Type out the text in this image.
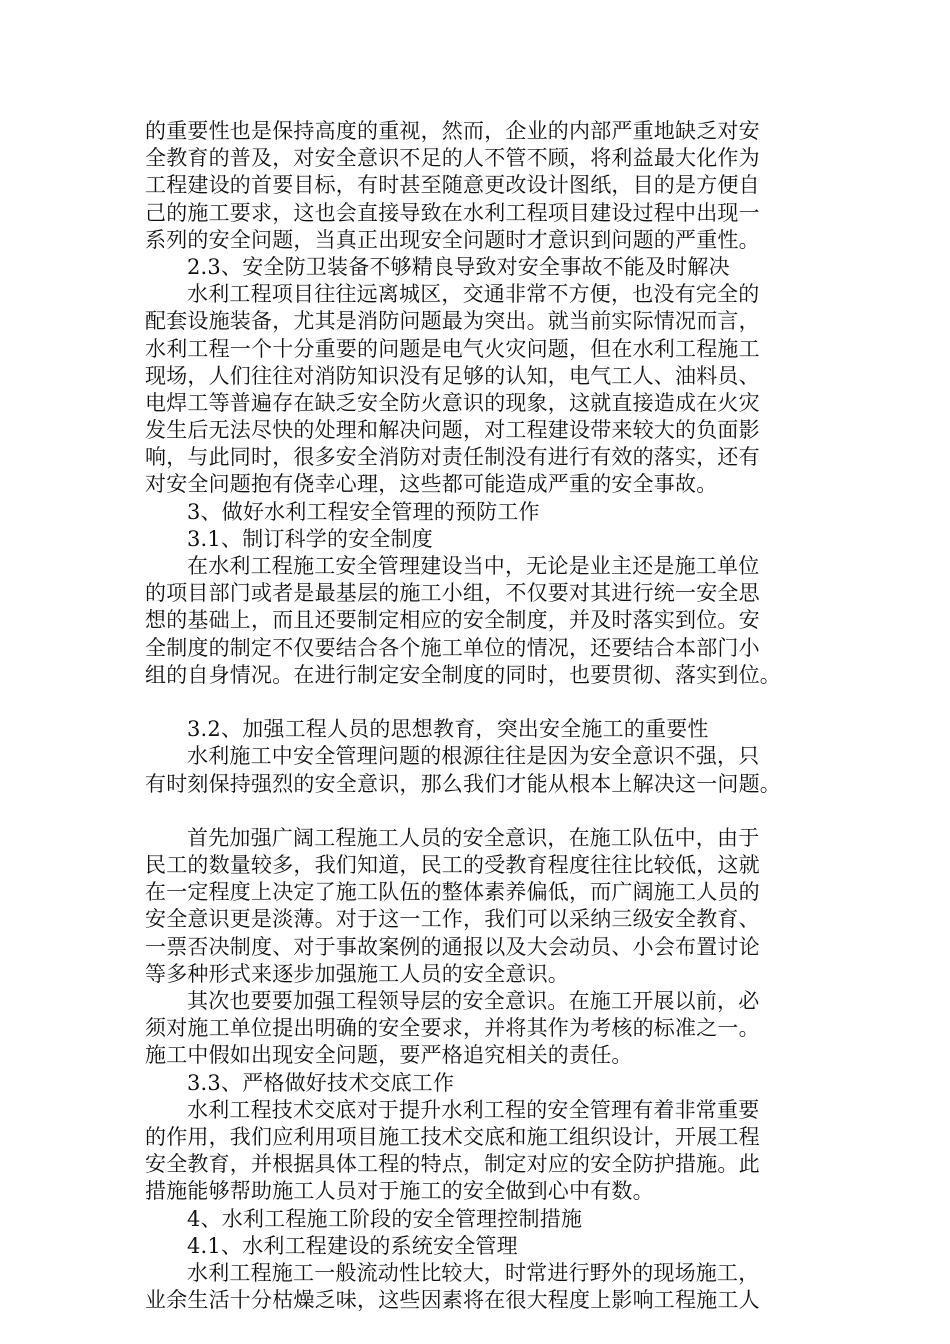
的重要性也是保持高度的重视，然而，企业的内部严重地缺乏对安
全教育的普及，对安全意识不足的人不管不顾，将利益最大化作为
工程建设的首要目标，有时甚至随意更改设计图纸，目的是方便自
己的施工要求，这也会直接导致在水利工程项目建设过程中出现一
系列的安全问题，当真正出现安全问题时才意识到问题的严重性。
2.3、安全防卫装备不够精良导致对安全事故不能及时解决
水利工程项目往往远离城区，交通非常不方便，也没有完全的
配套设施装备，尤其是消防问题最为突出。就当前实际情况而言，
水利工程一个十分重要的问题是电气火灾问题，但在水利工程施工
现场，人们往往对消防知识没有足够的认知，电气工人、油料员、
电焊工等普遍存在缺乏安全防火意识的现象，这就直接造成在火灾
发生后无法尽快的处理和解决问题，对工程建设带来较大的负面影
响，与此同时，很多安全消防对责任制没有进行有效的落实，还有
对安全问题抱有侥幸心理，这些都可能造成严重的安全事故。
3、做好水利工程安全管理的预防工作
3.1、制订科学的安全制度
在水利工程施工安全管理建设当中，无论是业主还是施工单位
的项目部门或者是最基层的施工小组，不仅要对其进行统一安全思
想的基础上，而且还要制定相应的安全制度，并及时落实到位。安
全制度的制定不仅要结合各个施工单位的情况，还要结合本部门小
组的自身情况。在进行制定安全制度的同时，也要贯彻、落实到位。
3.2、加强工程人员的思想教育，突出安全施工的重要性
水利施工中安全管理问题的根源往往是因为安全意识不强，只
有时刻保持强烈的安全意识，那么我们才能从根本上解决这一问题。
首先加强广阔工程施工人员的安全意识，在施工队伍中，由于
民工的数量较多，我们知道，民工的受教育程度往往比较低，这就
在一定程度上决定了施工队伍的整体素养偏低，而广阔施工人员的
安全意识更是淡薄。对于这一工作，我们可以采纳三级安全教育、
一票否决制度、对于事故案例的通报以及大会动员、小会布置讨论
等多种形式来逐步加强施工人员的安全意识。
其次也要要加强工程领导层的安全意识。在施工开展以前，必
须对施工单位提出明确的安全要求，并将其作为考核的标准之一。
施工中假如出现安全问题，要严格追究相关的责任。
3.3、严格做好技术交底工作
水利工程技术交底对于提升水利工程的安全管理有着非常重要
的作用，我们应利用项目施工技术交底和施工组织设计，开展工程
安全教育，并根据具体工程的特点，制定对应的安全防护措施。此
措施能够帮助施工人员对于施工的安全做到心中有数。
4、水利工程施工阶段的安全管理控制措施
4.1、水利工程建设的系统安全管理
水利工程施工一般流动性比较大，时常进行野外的现场施工，
业余生活十分枯燥乏味，这些因素将在很大程度上影响工程施工人
